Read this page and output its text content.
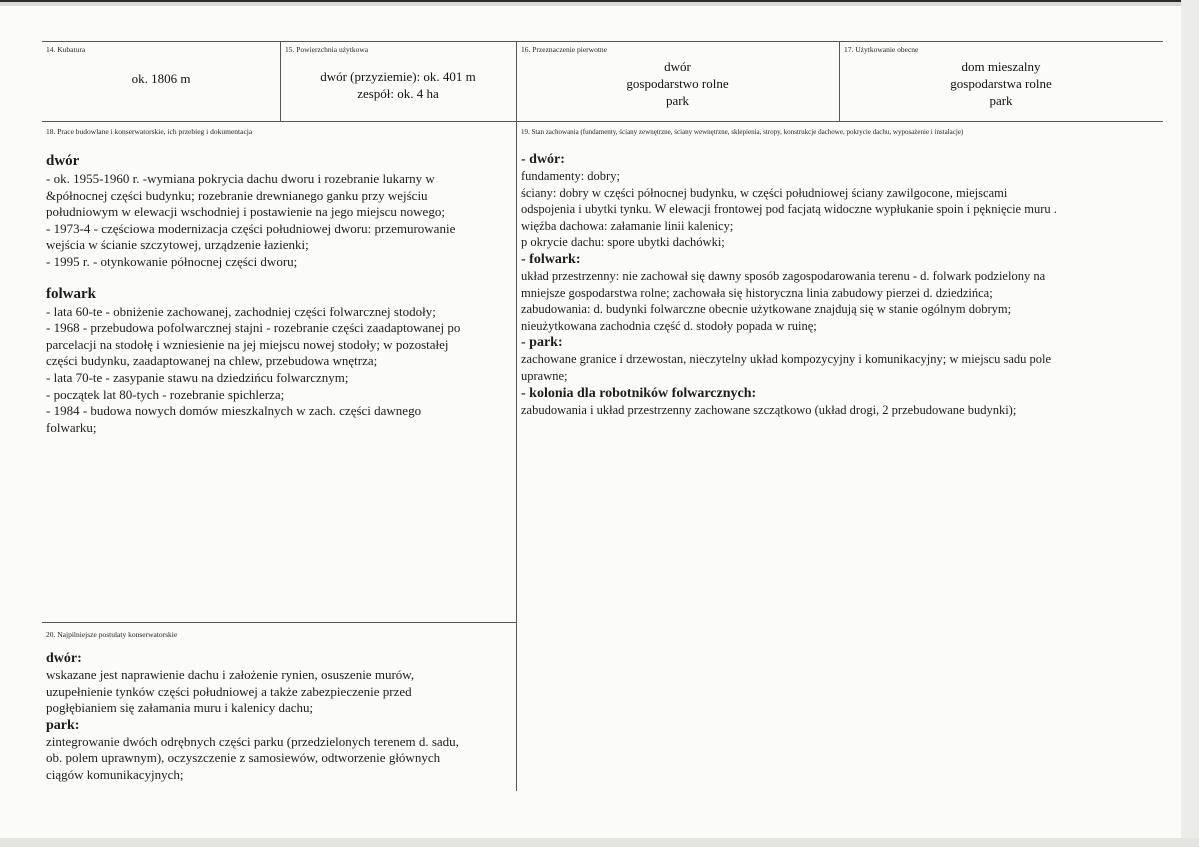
14. Kubatura
ok. 1806 m
15. Powierzchnia użytkowa
dwór (przyziemie): ok. 401 m
zespół: ok. 4 ha
16. Przeznaczenie pierwotne
dwór
gospodarstwo rolne
park
17. Użytkowanie obecne
dom mieszalny
gospodarstwa rolne
park
18. Prace budowlane i konserwatorskie, ich przebieg i dokumentacja
dwór
- ok. 1955-1960 r. -wymiana pokrycia dachu dworu i rozebranie lukarny w
&północnej części budynku; rozebranie drewnianego ganku przy wejściu
południowym w elewacji wschodniej i postawienie na jego miejscu nowego;
- 1973-4 - częściowa modernizacja części południowej dworu: przemurowanie
wejścia w ścianie szczytowej, urządzenie łazienki;
- 1995 r. - otynkowanie północnej części dworu;
folwark
- lata 60-te - obniżenie zachowanej, zachodniej części folwarcznej stodoły;
- 1968 - przebudowa pofolwarcznej stajni - rozebranie części zaadaptowanej po
parcelacji na stodołę i wzniesienie na jej miejscu nowej stodoły; w pozostałej
części budynku, zaadaptowanej na chlew, przebudowa wnętrza;
- lata 70-te - zasypanie stawu na dziedzińcu folwarcznym;
- początek lat 80-tych - rozebranie spichlerza;
- 1984 - budowa nowych domów mieszkalnych w zach. części dawnego
folwarku;
19. Stan zachowania (fundamenty, ściany zewnętrzne, ściany wewnętrzne, sklepienia, stropy, konstrukcje dachowe, pokrycie dachu, wyposażenie i instalacje)
- dwór:
fundamenty: dobry;
ściany: dobry w części północnej budynku, w części południowej ściany zawilgocone, miejscami
odspojenia i ubytki tynku. W elewacji frontowej pod facjatą widoczne wypłukanie spoin i pęknięcie muru .
więźba dachowa: załamanie linii kalenicy;
p okrycie dachu: spore ubytki dachówki;
- folwark:
układ przestrzenny: nie zachował się dawny sposób zagospodarowania terenu - d. folwark podzielony na
mniejsze gospodarstwa rolne; zachowała się historyczna linia zabudowy pierzei d. dziedzińca;
zabudowania: d. budynki folwarczne obecnie użytkowane znajdują się w stanie ogólnym dobrym;
nieużytkowana zachodnia część d. stodoły popada w ruinę;
- park:
zachowane granice i drzewostan, nieczytelny układ kompozycyjny i komunikacyjny; w miejscu sadu pole
uprawne;
- kolonia dla robotników folwarcznych:
zabudowania i układ przestrzenny zachowane szczątkowo (układ drogi, 2 przebudowane budynki);
20. Najpilniejsze postulaty konserwatorskie
dwór:
wskazane jest naprawienie dachu i założenie rynien, osuszenie murów,
uzupełnienie tynków części południowej a także zabezpieczenie przed
pogłębianiem się załamania muru i kalenicy dachu;
park:
zintegrowanie dwóch odrębnych części parku (przedzielonych terenem d. sadu,
ob. polem uprawnym), oczyszczenie z samosiewów, odtworzenie głównych
ciągów komunikacyjnych;
